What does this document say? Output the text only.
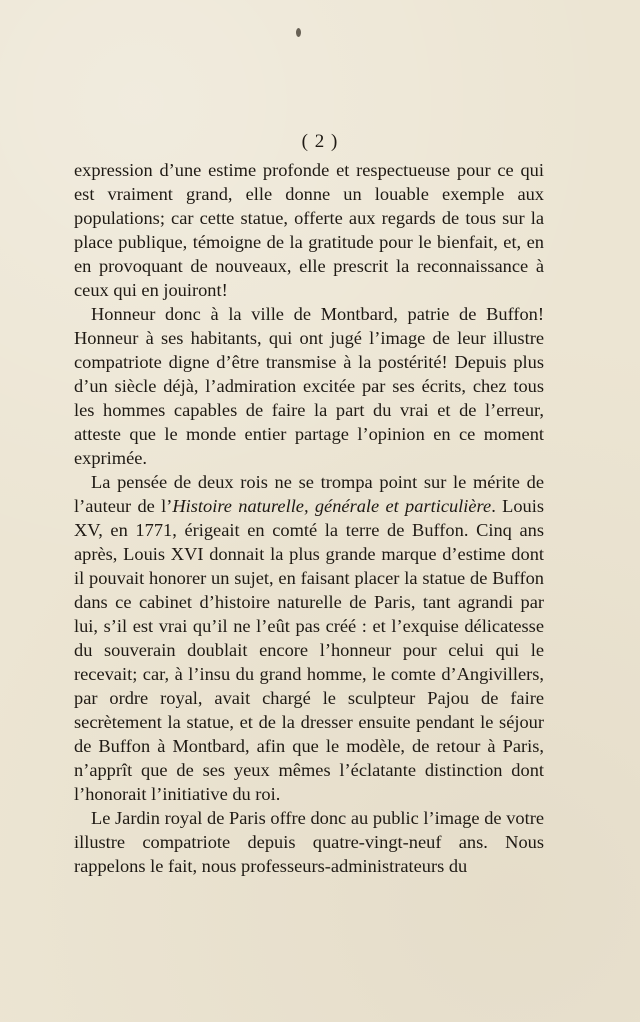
( 2 )

expression d’une estime profonde et respectueuse pour ce qui est vraiment grand, elle donne un louable exemple aux populations; car cette statue, offerte aux regards de tous sur la place publique, témoigne de la gratitude pour le bienfait, et, en en provoquant de nouveaux, elle prescrit la reconnaissance à ceux qui en jouiront!

Honneur donc à la ville de Montbard, patrie de Buffon! Honneur à ses habitants, qui ont jugé l’image de leur illustre compatriote digne d’être transmise à la postérité! Depuis plus d’un siècle déjà, l’admiration excitée par ses écrits, chez tous les hommes capables de faire la part du vrai et de l’erreur, atteste que le monde entier partage l’opinion en ce moment exprimée.

La pensée de deux rois ne se trompa point sur le mérite de l’auteur de l’Histoire naturelle, générale et particulière. Louis XV, en 1771, érigeait en comté la terre de Buffon. Cinq ans après, Louis XVI donnait la plus grande marque d’estime dont il pouvait honorer un sujet, en faisant placer la statue de Buffon dans ce cabinet d’histoire naturelle de Paris, tant agrandi par lui, s’il est vrai qu’il ne l’eût pas créé : et l’exquise délicatesse du souverain doublait encore l’honneur pour celui qui le recevait; car, à l’insu du grand homme, le comte d’Angivillers, par ordre royal, avait chargé le sculpteur Pajou de faire secrètement la statue, et de la dresser ensuite pendant le séjour de Buffon à Montbard, afin que le modèle, de retour à Paris, n’apprît que de ses yeux mêmes l’éclatante distinction dont l’honorait l’initiative du roi.

Le Jardin royal de Paris offre donc au public l’image de votre illustre compatriote depuis quatre-vingt-neuf ans. Nous rappelons le fait, nous professeurs-administrateurs du
